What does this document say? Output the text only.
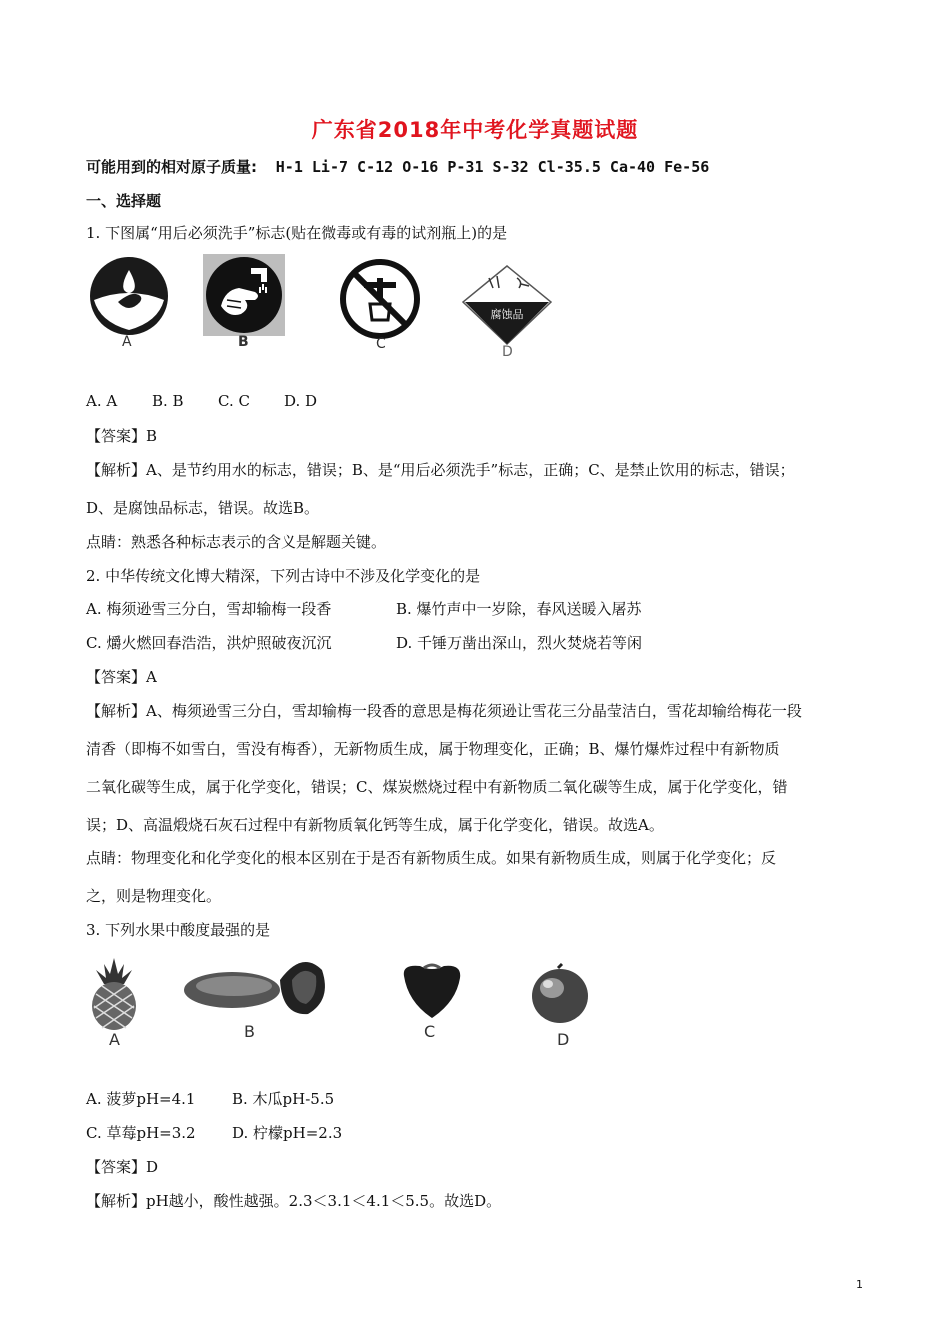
广东省2018年中考化学真题试题
可能用到的相对原子质量: H-1 Li-7 C-12 O-16 P-31 S-32 Cl-35.5 Ca-40 Fe-56
一、选择题
1. 下图属“用后必须洗手”标志(贴在微毒或有毒的试剂瓶上)的是
A	B	C
腐蚀品
D
A. A B. B C. C D. D
【答案】B
【解析】A、是节约用水的标志，错误；B、是“用后必须洗手”标志，正确；C、是禁止饮用的标志，错误；
D、是腐蚀品标志，错误。故选B。
点睛：熟悉各种标志表示的含义是解题关键。
2. 中华传统文化博大精深，下列古诗中不涉及化学变化的是
A. 梅须逊雪三分白，雪却输梅一段香	B. 爆竹声中一岁除，春风送暖入屠苏
C. 爝火燃回春浩浩，洪炉照破夜沉沉	D. 千锤万凿出深山，烈火焚烧若等闲
【答案】A
【解析】A、梅须逊雪三分白，雪却输梅一段香的意思是梅花须逊让雪花三分晶莹洁白，雪花却输给梅花一段
清香（即梅不如雪白，雪没有梅香），无新物质生成，属于物理变化，正确；B、爆竹爆炸过程中有新物质
二氧化碳等生成，属于化学变化，错误；C、煤炭燃烧过程中有新物质二氧化碳等生成，属于化学变化，错
误；D、高温煅烧石灰石过程中有新物质氧化钙等生成，属于化学变化，错误。故选A。
点睛：物理变化和化学变化的根本区别在于是否有新物质生成。如果有新物质生成，则属于化学变化；反
之，则是物理变化。
3. 下列水果中酸度最强的是
A	B	C	D
A. 菠萝pH=4.1 B. 木瓜pH-5.5
C. 草莓pH=3.2 D. 柠檬pH=2.3
【答案】D
【解析】pH越小，酸性越强。2.3＜3.1＜4.1＜5.5。故选D。
1
